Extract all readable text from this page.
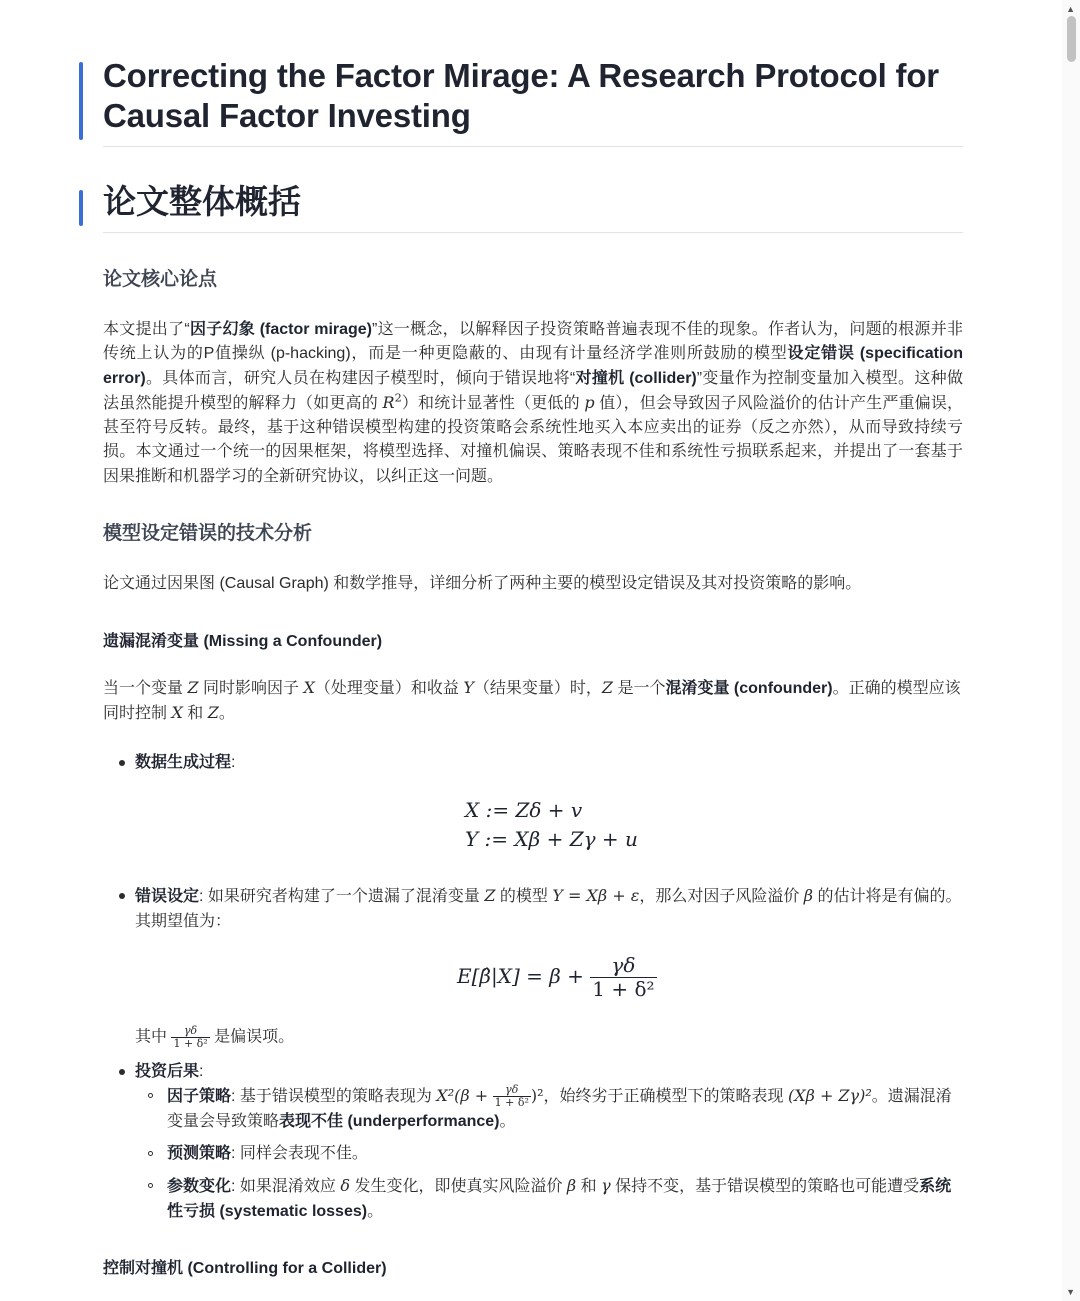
Correcting the Factor Mirage: A Research Protocol for Causal Factor Investing
论文整体概括
论文核心论点

本文提出了“因子幻象 (factor mirage)”这一概念，以解释因子投资策略普遍表现不佳的现象。作者认为，问题的根源并非传统上认为的P值操纵 (p-hacking)，而是一种更隐蔽的、由现有计量经济学准则所鼓励的模型设定错误 (specification error)。具体而言，研究人员在构建因子模型时，倾向于错误地将“对撞机 (collider)”变量作为控制变量加入模型。这种做法虽然能提升模型的解释力（如更高的 $R^2$）和统计显著性（更低的 p 值），但会导致因子风险溢价的估计产生严重偏误，甚至符号反转。最终，基于这种错误模型构建的投资策略会系统性地买入本应卖出的证券（反之亦然），从而导致持续亏损。本文通过一个统一的因果框架，将模型选择、对撞机偏误、策略表现不佳和系统性亏损联系起来，并提出了一套基于因果推断和机器学习的全新研究协议，以纠正这一问题。

模型设定错误的技术分析

论文通过因果图 (Causal Graph) 和数学推导，详细分析了两种主要的模型设定错误及其对投资策略的影响。

遗漏混淆变量 (Missing a Confounder)

当一个变量 Z 同时影响因子 X（处理变量）和收益 Y（结果变量）时，Z 是一个混淆变量 (confounder)。正确的模型应该同时控制 X 和 Z。

数据生成过程:
X := Zδ + v
Y := Xβ + Zγ + u
错误设定: 如果研究者构建了一个遗漏了混淆变量 Z 的模型 Y = Xβ + ε，那么对因子风险溢价 β 的估计将是有偏的。其期望值为：
E[β̂|X] = $\beta + \frac{\gamma\delta}{\text{1 + δ²}}$
其中 $\frac{\gamma\delta}{\text{1 + δ²}}$ 是偏误项。
投资后果:
因子策略: 基于错误模型的策略表现为 $X^2(\beta + \frac{\gamma\delta}{\text{1 + δ²}} )^2$，始终劣于正确模型下的策略表现 (Xβ + Zγ)²。遗漏混淆变量会导致策略表现不佳 (underperformance)。
预测策略: 同样会表现不佳。
参数变化: 如果混淆效应 δ 发生变化，即使真实风险溢价 β 和 γ 保持不变，基于错误模型的策略也可能遭受系统性亏损 (systematic losses)。
控制对撞机 (Controlling for a Collider)
▲
▼
